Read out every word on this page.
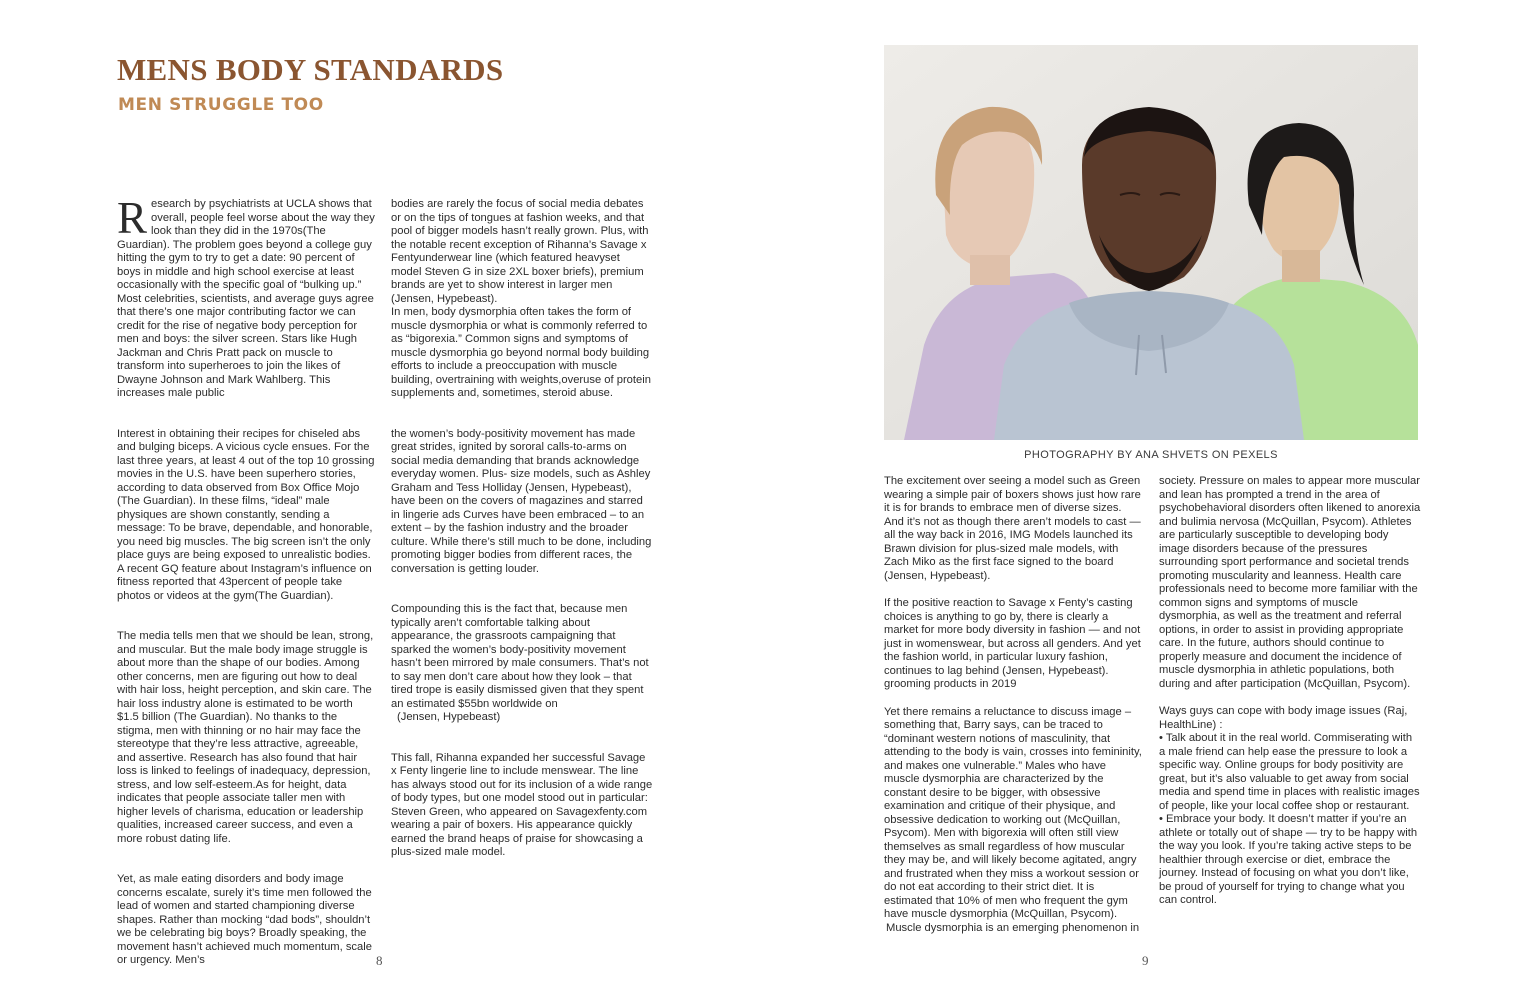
MENS BODY STANDARDS
MEN STRUGGLE TOO

Research by psychiatrists at UCLA shows that overall, people feel worse about the way they look than they did in the 1970s(The Guardian). The problem goes beyond a college guy hitting the gym to try to get a date: 90 percent of boys in middle and high school exercise at least occasionally with the specific goal of “bulking up.” Most celebrities, scientists, and average guys agree that there’s one major contributing factor we can credit for the rise of negative body perception for men and boys: the silver screen. Stars like Hugh Jackman and Chris Pratt pack on muscle to transform into superheroes to join the likes of Dwayne Johnson and Mark Wahlberg. This increases male public

Interest in obtaining their recipes for chiseled abs and bulging biceps. A vicious cycle ensues. For the last three years, at least 4 out of the top 10 grossing movies in the U.S. have been superhero stories, according to data observed from Box Office Mojo (The Guardian). In these films, “ideal” male physiques are shown constantly, sending a message: To be brave, dependable, and honorable, you need big muscles. The big screen isn’t the only place guys are being exposed to unrealistic bodies. A recent GQ feature about Instagram’s influence on fitness reported that 43percent of people take photos or videos at the gym(The Guardian).

The media tells men that we should be lean, strong, and muscular. But the male body image struggle is about more than the shape of our bodies. Among other concerns, men are figuring out how to deal with hair loss, height perception, and skin care. The hair loss industry alone is estimated to be worth $1.5 billion (The Guardian). No thanks to the stigma, men with thinning or no hair may face the stereotype that they’re less attractive, agreeable, and assertive. Research has also found that hair loss is linked to feelings of inadequacy, depression, stress, and low self-esteem.As for height, data indicates that people associate taller men with higher levels of charisma, education or leadership qualities, increased career success, and even a more robust dating life.

Yet, as male eating disorders and body image concerns escalate, surely it’s time men followed the lead of women and started championing diverse shapes. Rather than mocking “dad bods”, shouldn’t we be celebrating big boys? Broadly speaking, the movement hasn’t achieved much momentum, scale or urgency. Men’s

bodies are rarely the focus of social media debates or on the tips of tongues at fashion weeks, and that pool of bigger models hasn’t really grown. Plus, with the notable recent exception of Rihanna’s Savage x Fentyunderwear line (which featured heavyset model Steven G in size 2XL boxer briefs), premium brands are yet to show interest in larger men (Jensen, Hypebeast).

In men, body dysmorphia often takes the form of muscle dysmorphia or what is commonly referred to as “bigorexia.” Common signs and symptoms of muscle dysmorphia go beyond normal body building efforts to include a preoccupation with muscle building, overtraining with weights,overuse of protein supplements and, sometimes, steroid abuse.

the women’s body-positivity movement has made great strides, ignited by sororal calls-to-arms on social media demanding that brands acknowledge everyday women. Plus- size models, such as Ashley Graham and Tess Holliday (Jensen, Hypebeast), have been on the covers of magazines and starred in lingerie ads Curves have been embraced – to an extent – by the fashion industry and the broader culture. While there’s still much to be done, including promoting bigger bodies from different races, the conversation is getting louder.

Compounding this is the fact that, because men typically aren’t comfortable talking about appearance, the grassroots campaigning that sparked the women’s body-positivity movement hasn’t been mirrored by male consumers. That’s not to say men don’t care about how they look – that tired trope is easily dismissed given that they spent an estimated $55bn worldwide on

(Jensen, Hypebeast)

This fall, Rihanna expanded her successful Savage x Fenty lingerie line to include menswear. The line has always stood out for its inclusion of a wide range of body types, but one model stood out in particular: Steven Green, who appeared on Savagexfenty.com wearing a pair of boxers. His appearance quickly earned the brand heaps of praise for showcasing a plus-sized male model.

PHOTOGRAPHY BY ANA SHVETS ON PEXELS

The excitement over seeing a model such as Green wearing a simple pair of boxers shows just how rare it is for brands to embrace men of diverse sizes. And it’s not as though there aren’t models to cast — all the way back in 2016, IMG Models launched its Brawn division for plus-sized male models, with Zach Miko as the first face signed to the board (Jensen, Hypebeast).

If the positive reaction to Savage x Fenty’s casting choices is anything to go by, there is clearly a market for more body diversity in fashion — and not just in womenswear, but across all genders. And yet the fashion world, in particular luxury fashion, continues to lag behind (Jensen, Hypebeast).

grooming products in 2019

Yet there remains a reluctance to discuss image – something that, Barry says, can be traced to “dominant western notions of masculinity, that attending to the body is vain, crosses into femininity, and makes one vulnerable.” Males who have muscle dysmorphia are characterized by the constant desire to be bigger, with obsessive examination and critique of their physique, and obsessive dedication to working out (McQuillan, Psycom). Men with bigorexia will often still view themselves as small regardless of how muscular they may be, and will likely become agitated, angry and frustrated when they miss a workout session or do not eat according to their strict diet. It is estimated that 10% of men who frequent the gym have muscle dysmorphia (McQuillan, Psycom).

Muscle dysmorphia is an emerging phenomenon in

society. Pressure on males to appear more muscular and lean has prompted a trend in the area of psychobehavioral disorders often likened to anorexia and bulimia nervosa (McQuillan, Psycom). Athletes are particularly susceptible to developing body image disorders because of the pressures surrounding sport performance and societal trends promoting muscularity and leanness. Health care professionals need to become more familiar with the common signs and symptoms of muscle dysmorphia, as well as the treatment and referral options, in order to assist in providing appropriate care. In the future, authors should continue to properly measure and document the incidence of muscle dysmorphia in athletic populations, both during and after participation (McQuillan, Psycom).

Ways guys can cope with body image issues (Raj, HealthLine) :

• Talk about it in the real world. Commiserating with a male friend can help ease the pressure to look a specific way. Online groups for body positivity are great, but it’s also valuable to get away from social media and spend time in places with realistic images of people, like your local coffee shop or restaurant.

• Embrace your body. It doesn’t matter if you’re an athlete or totally out of shape — try to be happy with the way you look. If you’re taking active steps to be healthier through exercise or diet, embrace the journey. Instead of focusing on what you don’t like, be proud of yourself for trying to change what you can control.

8	9
